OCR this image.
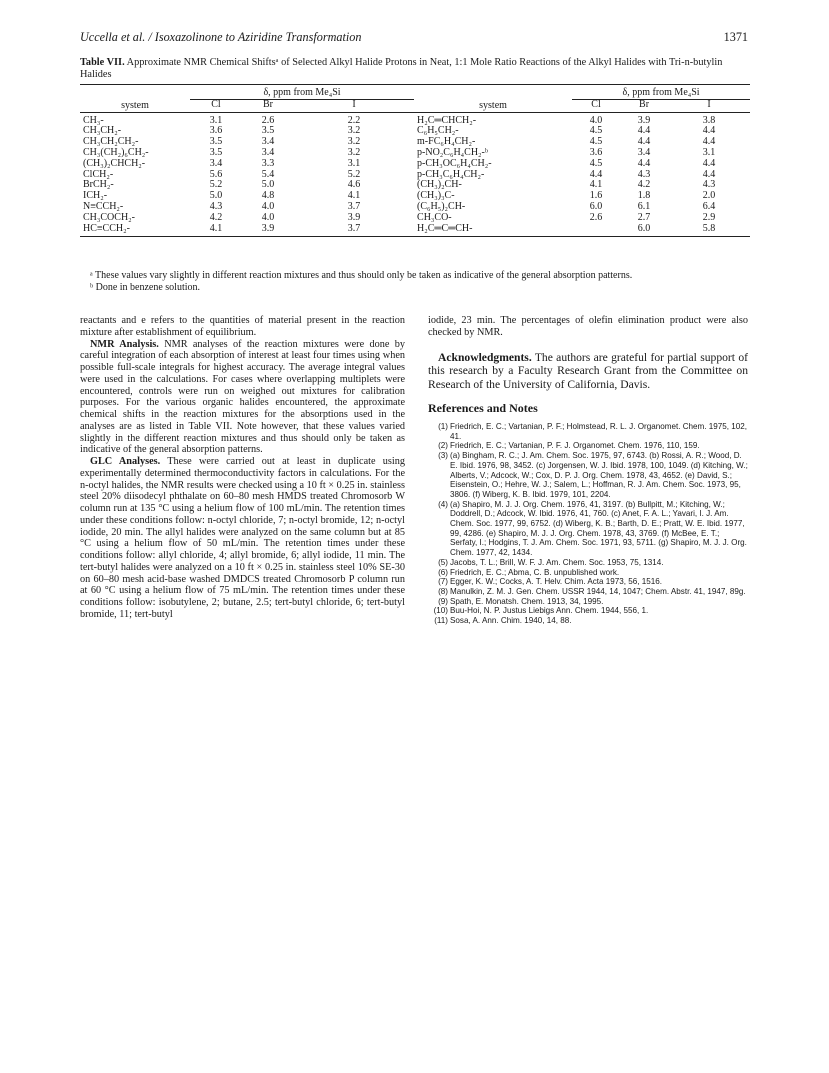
Uccella et al. / Isoxazolinone to Aziridine Transformation	1371
Table VII. Approximate NMR Chemical Shiftsᵃ of Selected Alkyl Halide Protons in Neat, 1:1 Mole Ratio Reactions of the Alkyl Halides with Tri-n-butylin Halides
system	δ, ppm from Me₄Si			system	δ, ppm from Me₄Si		
	Cl	Br	I		Cl	Br	I
CH₃-	3.1	2.6	2.2	H₂C═CHCH₂-	4.0	3.9	3.8
CH₃CH₂-	3.6	3.5	3.2	C₆H₅CH₂-	4.5	4.4	4.4
CH₃CH₂CH₂-	3.5	3.4	3.2	m-FC₆H₄CH₂-	4.5	4.4	4.4
CH₃(CH₂)₆CH₂-	3.5	3.4	3.2	p-NO₂C₆H₄CH₂-ᵇ	3.6	3.4	3.1
(CH₃)₂CHCH₂-	3.4	3.3	3.1	p-CH₃OC₆H₄CH₂-	4.5	4.4	4.4
ClCH₂-	5.6	5.4	5.2	p-CH₃C₆H₄CH₂-	4.4	4.3	4.4
BrCH₂-	5.2	5.0	4.6	(CH₃)₂CH-	4.1	4.2	4.3
ICH₂-	5.0	4.8	4.1	(CH₃)₃C-	1.6	1.8	2.0
N≡CCH₂-	4.3	4.0	3.7	(C₆H₅)₂CH-	6.0	6.1	6.4
CH₃COCH₂-	4.2	4.0	3.9	CH₃CO-	2.6	2.7	2.9
HC≡CCH₂-	4.1	3.9	3.7	H₂C═C═CH-		6.0	5.8
ᵃ These values vary slightly in different reaction mixtures and thus should only be taken as indicative of the general absorption patterns.
ᵇ Done in benzene solution.

reactants and e refers to the quantities of material present in the reaction mixture after establishment of equilibrium.

NMR Analysis. NMR analyses of the reaction mixtures were done by careful integration of each absorption of interest at least four times using when possible full-scale integrals for highest accuracy. The average integral values were used in the calculations. For cases where overlapping multiplets were encountered, controls were run on weighed out mixtures for calibration purposes. For the various organic halides encountered, the approximate chemical shifts in the reaction mixtures for the absorptions used in the analyses are as listed in Table VII. Note however, that these values varied slightly in the different reaction mixtures and thus should only be taken as indicative of the general absorption patterns.

GLC Analyses. These were carried out at least in duplicate using experimentally determined thermoconductivity factors in calculations. For the n-octyl halides, the NMR results were checked using a 10 ft × 0.25 in. stainless steel 20% diisodecyl phthalate on 60–80 mesh HMDS treated Chromosorb W column run at 135 °C using a helium flow of 100 mL/min. The retention times under these conditions follow: n-octyl chloride, 7; n-octyl bromide, 12; n-octyl iodide, 20 min. The allyl halides were analyzed on the same column but at 85 °C using a helium flow of 50 mL/min. The retention times under these conditions follow: allyl chloride, 4; allyl bromide, 6; allyl iodide, 11 min. The tert-butyl halides were analyzed on a 10 ft × 0.25 in. stainless steel 10% SE-30 on 60–80 mesh acid-base washed DMDCS treated Chromosorb P column run at 60 °C using a helium flow of 75 mL/min. The retention times under these conditions follow: isobutylene, 2; butane, 2.5; tert-butyl chloride, 6; tert-butyl bromide, 11; tert-butyl

iodide, 23 min. The percentages of olefin elimination product were also checked by NMR.

Acknowledgments. The authors are grateful for partial support of this research by a Faculty Research Grant from the Committee on Research of the University of California, Davis.

References and Notes
(1) Friedrich, E. C.; Vartanian, P. F.; Holmstead, R. L. J. Organomet. Chem. 1975, 102, 41.
(2) Friedrich, E. C.; Vartanian, P. F. J. Organomet. Chem. 1976, 110, 159.
(3) (a) Bingham, R. C.; J. Am. Chem. Soc. 1975, 97, 6743. (b) Rossi, A. R.; Wood, D. E. Ibid. 1976, 98, 3452. (c) Jorgensen, W. J. Ibid. 1978, 100, 1049. (d) Kitching, W.; Alberts, V.; Adcock, W.; Cox, D. P. J. Org. Chem. 1978, 43, 4652. (e) David, S.; Eisenstein, O.; Hehre, W. J.; Salem, L.; Hoffman, R. J. Am. Chem. Soc. 1973, 95, 3806. (f) Wiberg, K. B. Ibid. 1979, 101, 2204.
(4) (a) Shapiro, M. J. J. Org. Chem. 1976, 41, 3197. (b) Bullpitt, M.; Kitching, W.; Doddrell, D.; Adcock, W. Ibid. 1976, 41, 760. (c) Anet, F. A. L.; Yavari, I. J. Am. Chem. Soc. 1977, 99, 6752. (d) Wiberg, K. B.; Barth, D. E.; Pratt, W. E. Ibid. 1977, 99, 4286. (e) Shapiro, M. J. J. Org. Chem. 1978, 43, 3769. (f) McBee, E. T.; Serfaty, I.; Hodgins, T. J. Am. Chem. Soc. 1971, 93, 5711. (g) Shapiro, M. J. J. Org. Chem. 1977, 42, 1434.
(5) Jacobs, T. L.; Brill, W. F. J. Am. Chem. Soc. 1953, 75, 1314.
(6) Friedrich, E. C.; Abma, C. B. unpublished work.
(7) Egger, K. W.; Cocks, A. T. Helv. Chim. Acta 1973, 56, 1516.
(8) Manulkin, Z. M. J. Gen. Chem. USSR 1944, 14, 1047; Chem. Abstr. 41, 1947, 89g.
(9) Spath, E. Monatsh. Chem. 1913, 34, 1995.
(10) Buu-Hoi, N. P. Justus Liebigs Ann. Chem. 1944, 556, 1.
(11) Sosa, A. Ann. Chim. 1940, 14, 88.
